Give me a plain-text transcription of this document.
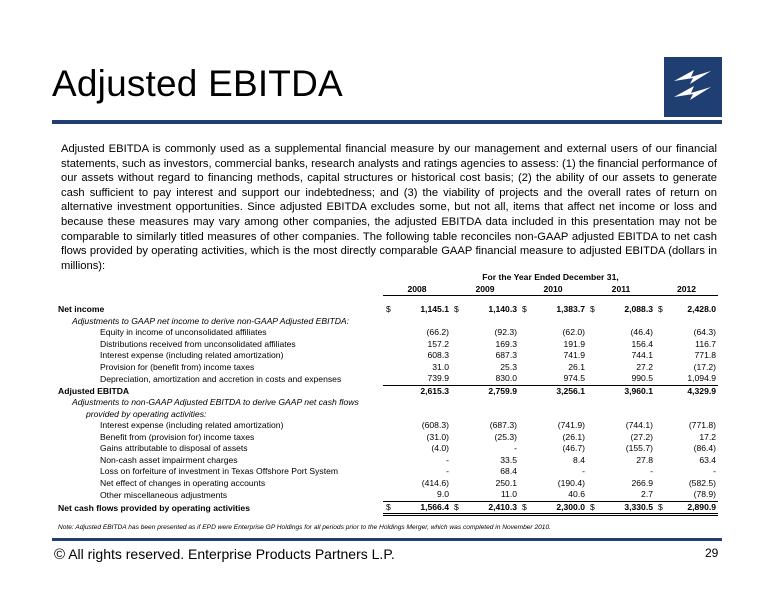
Adjusted EBITDA
Adjusted EBITDA is commonly used as a supplemental financial measure by our management and external users of our financial statements, such as investors, commercial banks, research analysts and ratings agencies to assess: (1) the financial performance of our assets without regard to financing methods, capital structures or historical cost basis; (2) the ability of our assets to generate cash sufficient to pay interest and support our indebtedness; and (3) the viability of projects and the overall rates of return on alternative investment opportunities. Since adjusted EBITDA excludes some, but not all, items that affect net income or loss and because these measures may vary among other companies, the adjusted EBITDA data included in this presentation may not be comparable to similarly titled measures of other companies. The following table reconciles non-GAAP adjusted EBITDA to net cash flows provided by operating activities, which is the most directly comparable GAAP financial measure to adjusted EBITDA (dollars in millions):
	For the Year Ended December 31,									
	2008		2009		2010		2011		2012	

Net income	$	1,145.1	$	1,140.3	$	1,383.7	$	2,088.3	$	2,428.0
Adjustments to GAAP net income to derive non-GAAP Adjusted EBITDA:										
Equity in income of unconsolidated affiliates		(66.2)		(92.3)		(62.0)		(46.4)		(64.3)
Distributions received from unconsolidated affiliates		157.2		169.3		191.9		156.4		116.7
Interest expense (including related amortization)		608.3		687.3		741.9		744.1		771.8
Provision for (benefit from) income taxes		31.0		25.3		26.1		27.2		(17.2)
Depreciation, amortization and accretion in costs and expenses		739.9		830.0		974.5		990.5		1,094.9
Adjusted EBITDA		2,615.3		2,759.9		3,256.1		3,960.1		4,329.9
Adjustments to non-GAAP Adjusted EBITDA to derive GAAP net cash flows										
provided by operating activities:										
Interest expense (including related amortization)		(608.3)		(687.3)		(741.9)		(744.1)		(771.8)
Benefit from (provision for) income taxes		(31.0)		(25.3)		(26.1)		(27.2)		17.2
Gains attributable to disposal of assets		(4.0)		-		(46.7)		(155.7)		(86.4)
Non-cash asset impairment charges		-		33.5		8.4		27.8		63.4
Loss on forfeiture of investment in Texas Offshore Port System		-		68.4		-		-		-
Net effect of changes in operating accounts		(414.6)		250.1		(190.4)		266.9		(582.5)
Other miscellaneous adjustments		9.0		11.0		40.6		2.7		(78.9)
Net cash flows provided by operating activities	$	1,566.4	$	2,410.3	$	2,300.0	$	3,330.5	$	2,890.9
Note: Adjusted EBITDA has been presented as if EPD were Enterprise GP Holdings for all periods prior to the Holdings Merger, which was completed in November 2010.
© All rights reserved. Enterprise Products Partners L.P.	29
